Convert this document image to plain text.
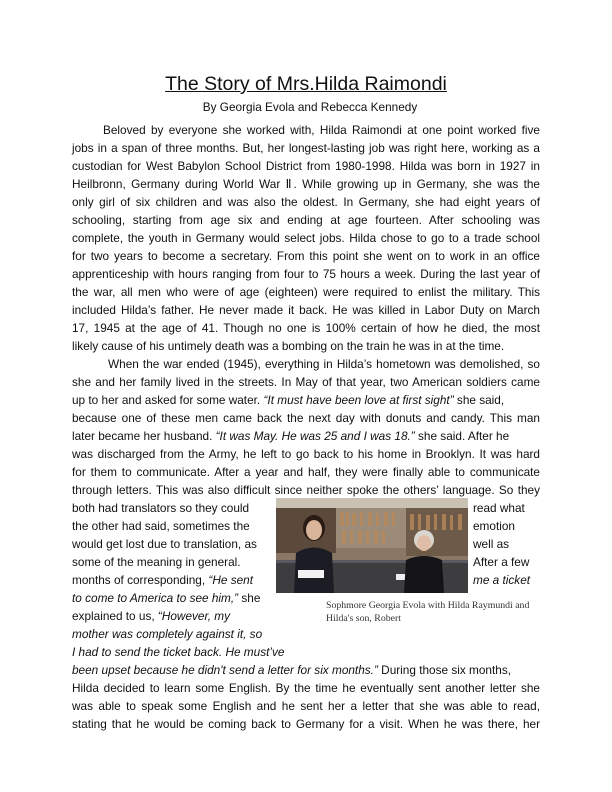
The Story of Mrs.Hilda Raimondi
By Georgia Evola and Rebecca Kennedy
Beloved by everyone she worked with, Hilda Raimondi at one point worked five
jobs in a span of three months. But, her longest-lasting job was right here, working as a
custodian for West Babylon School District from 1980-1998. Hilda was born in 1927 in
Heilbronn, Germany during World War Ⅱ. While growing up in Germany, she was the
only girl of six children and was also the oldest. In Germany, she had eight years of
schooling, starting from age six and ending at age fourteen. After schooling was
complete, the youth in Germany would select jobs. Hilda chose to go to a trade school
for two years to become a secretary. From this point she went on to work in an office
apprenticeship with hours ranging from four to 75 hours a week. During the last year of
the war, all men who were of age (eighteen) were required to enlist the military. This
included Hilda’s father. He never made it back. He was killed in Labor Duty on March
17, 1945 at the age of 41. Though no one is 100% certain of how he died, the most
likely cause of his untimely death was a bombing on the train he was in at the time.
When the war ended (1945), everything in Hilda’s hometown was demolished, so
she and her family lived in the streets. In May of that year, two American soldiers came
up to her and asked for some water. “It must have been love at first sight” she said,
because one of these men came back the next day with donuts and candy. This man
later became her husband. “It was May. He was 25 and I was 18.” she said. After he
was discharged from the Army, he left to go back to his home in Brooklyn. It was hard
for them to communicate. After a year and half, they were finally able to communicate
through letters. This was also difficult since neither spoke the others’ language. So they
both had translators so they could	read what
the other had said, sometimes the	emotion
would get lost due to translation, as	well as
some of the meaning in general.	After a few
months of corresponding, “He sent	me a ticket
to come to America to see him,” she
explained to us, “However, my
mother was completely against it, so
I had to send the ticket back. He must’ve
been upset because he didn't send a letter for six months.” During those six months,
Hilda decided to learn some English. By the time he eventually sent another letter she
was able to speak some English and he sent her a letter that she was able to read,
stating that he would be coming back to Germany for a visit. When he was there, her
Sophmore Georgia Evola with Hilda Raymundi and
Hilda's son, Robert
